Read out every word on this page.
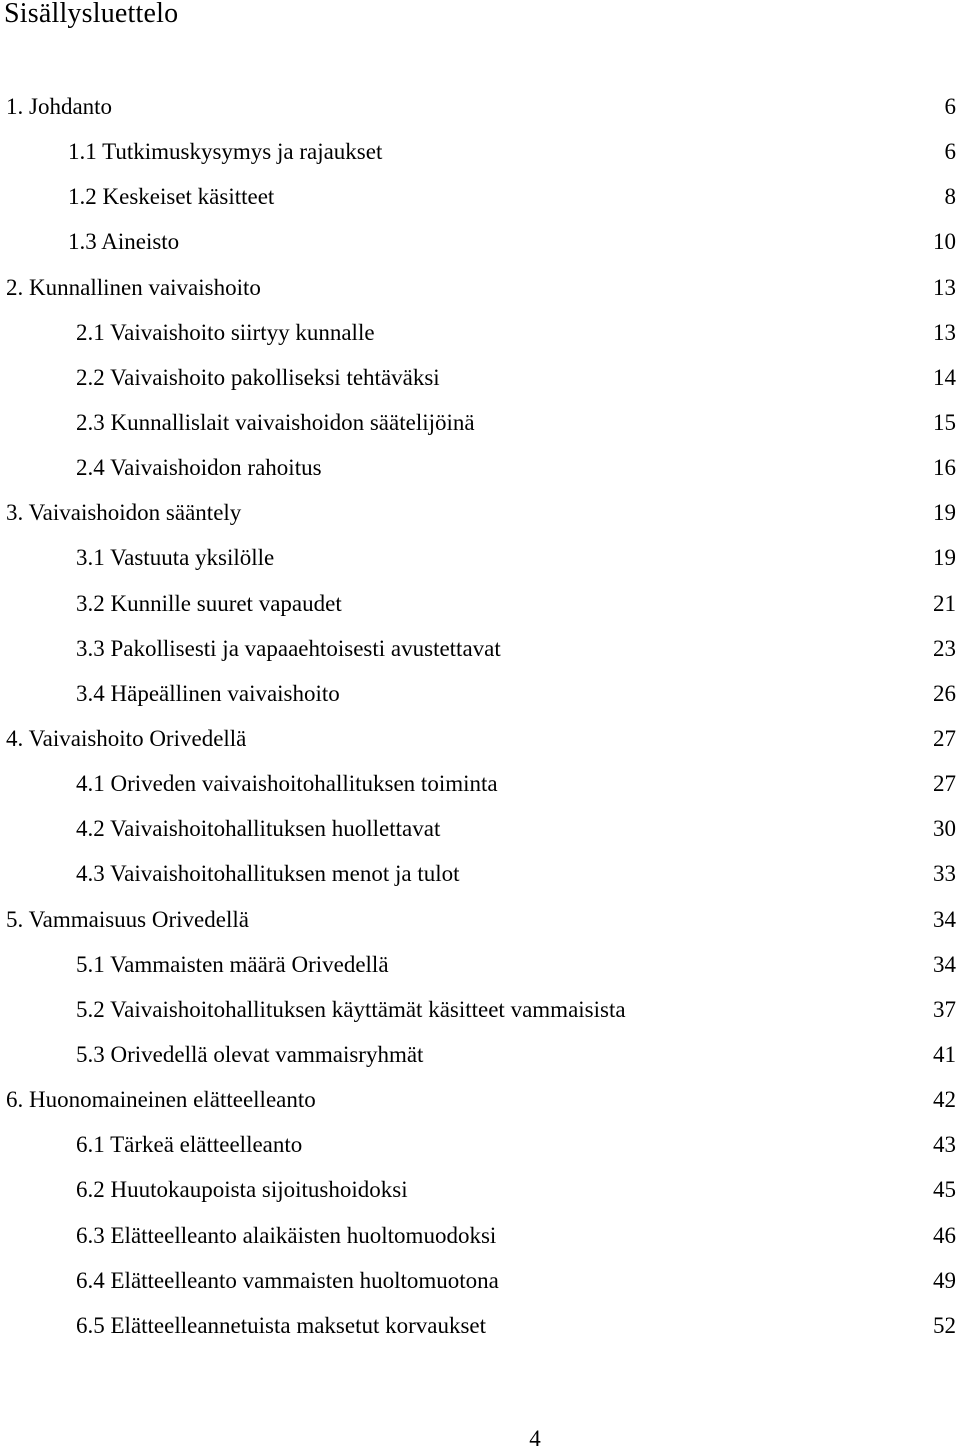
Sisällysluettelo
1. Johdanto	6
1.1 Tutkimuskysymys ja rajaukset	6
1.2 Keskeiset käsitteet	8
1.3 Aineisto	10
2. Kunnallinen vaivaishoito	13
2.1 Vaivaishoito siirtyy kunnalle	13
2.2 Vaivaishoito pakolliseksi tehtäväksi	14
2.3 Kunnallislait vaivaishoidon säätelijöinä	15
2.4 Vaivaishoidon rahoitus	16
3. Vaivaishoidon sääntely	19
3.1 Vastuuta yksilölle	19
3.2 Kunnille suuret vapaudet	21
3.3 Pakollisesti ja vapaaehtoisesti avustettavat	23
3.4 Häpeällinen vaivaishoito	26
4. Vaivaishoito Orivedellä	27
4.1 Oriveden vaivaishoitohallituksen toiminta	27
4.2 Vaivaishoitohallituksen huollettavat	30
4.3 Vaivaishoitohallituksen menot ja tulot	33
5. Vammaisuus Orivedellä	34
5.1 Vammaisten määrä Orivedellä	34
5.2 Vaivaishoitohallituksen käyttämät käsitteet vammaisista	37
5.3 Orivedellä olevat vammaisryhmät	41
6. Huonomaineinen elätteelleanto	42
6.1 Tärkeä elätteelleanto	43
6.2 Huutokaupoista sijoitushoidoksi	45
6.3 Elätteelleanto alaikäisten huoltomuodoksi	46
6.4 Elätteelleanto vammaisten huoltomuotona	49
6.5 Elätteelleannetuista maksetut korvaukset	52
4
